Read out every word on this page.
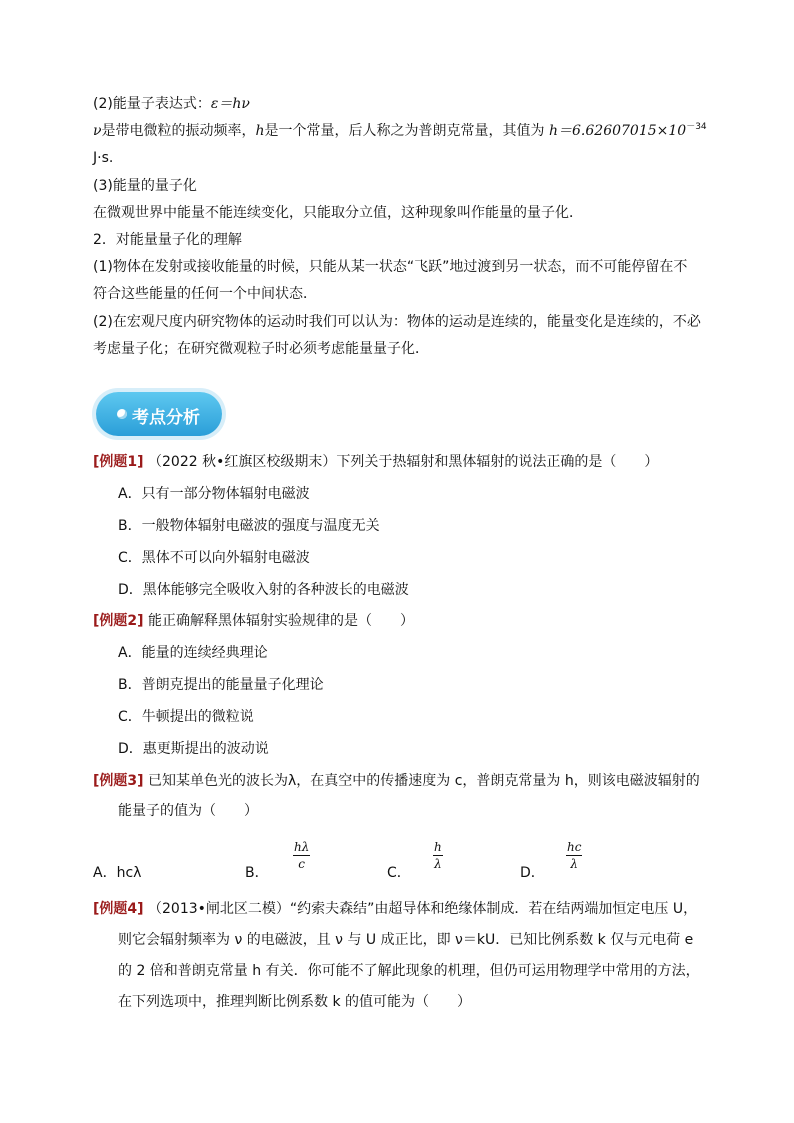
(2)能量子表达式：ε＝hν
ν是带电微粒的振动频率，h是一个常量，后人称之为普朗克常量，其值为 $h=6.62607015\times 10^{-34}$
J·s.
(3)能量的量子化
在微观世界中能量不能连续变化，只能取分立值，这种现象叫作能量的量子化．
2．对能量量子化的理解
(1)物体在发射或接收能量的时候，只能从某一状态“飞跃”地过渡到另一状态，而不可能停留在不
符合这些能量的任何一个中间状态．
(2)在宏观尺度内研究物体的运动时我们可以认为：物体的运动是连续的，能量变化是连续的，不必
考虑量子化；在研究微观粒子时必须考虑能量量子化．
考点分析
[例题1] （2022 秋•红旗区校级期末）下列关于热辐射和黑体辐射的说法正确的是（　　）
A．只有一部分物体辐射电磁波
B．一般物体辐射电磁波的强度与温度无关
C．黑体不可以向外辐射电磁波
D．黑体能够完全吸收入射的各种波长的电磁波
[例题2] 能正确解释黑体辐射实验规律的是（　　）
A．能量的连续经典理论
B．普朗克提出的能量量子化理论
C．牛顿提出的微粒说
D．惠更斯提出的波动说
[例题3] 已知某单色光的波长为λ，在真空中的传播速度为 c，普朗克常量为 h，则该电磁波辐射的
能量子的值为（　　）
A．hcλ	B．
hλ
c
C．
h
λ
D．
hc
λ
[例题4] （2013•闸北区二模）“约索夫森结”由超导体和绝缘体制成．若在结两端加恒定电压 U，
则它会辐射频率为 ν 的电磁波，且 ν 与 U 成正比，即 ν＝kU．已知比例系数 k 仅与元电荷 e
的 2 倍和普朗克常量 h 有关．你可能不了解此现象的机理，但仍可运用物理学中常用的方法，
在下列选项中，推理判断比例系数 k 的值可能为（　　）
